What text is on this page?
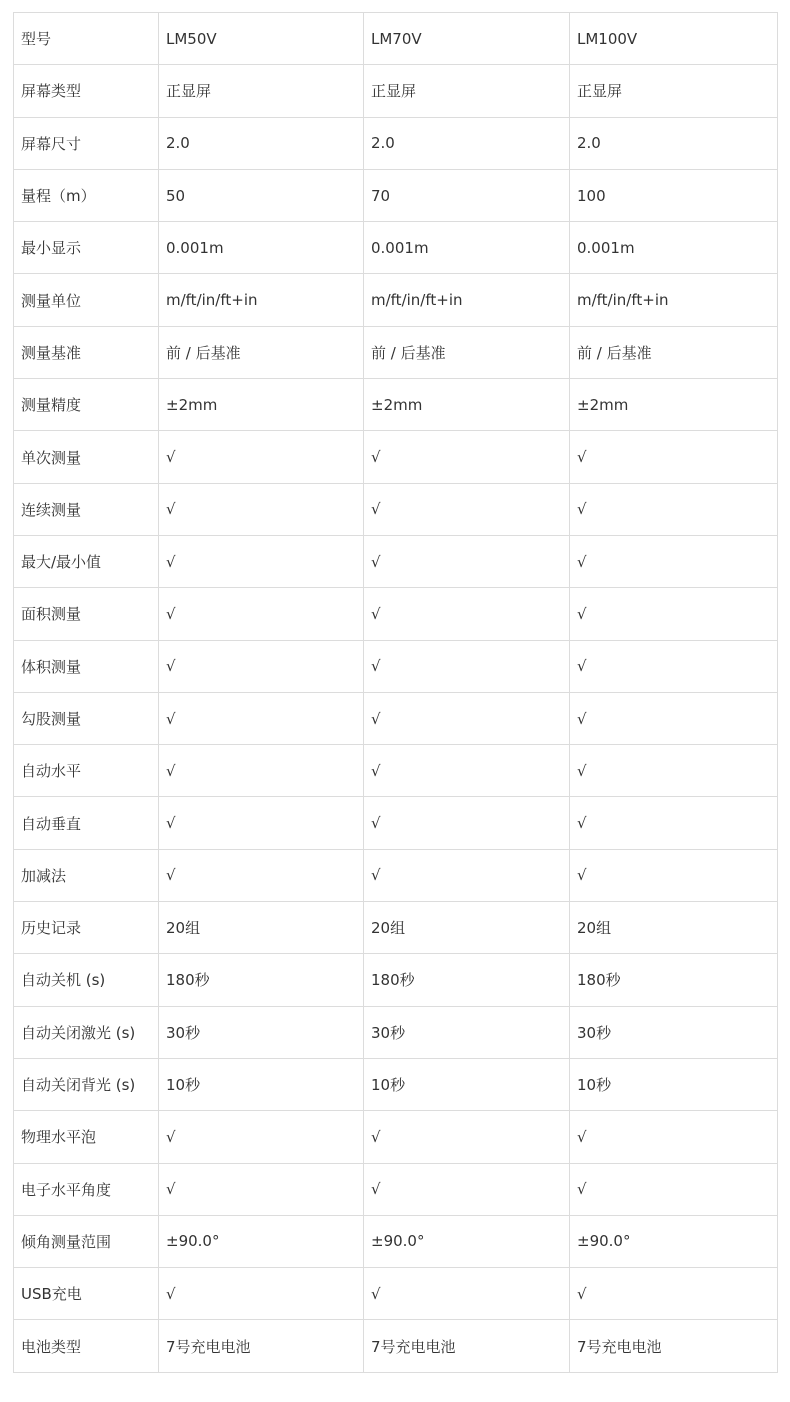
型号	LM50V	LM70V	LM100V
屏幕类型	正显屏	正显屏	正显屏
屏幕尺寸	2.0	2.0	2.0
量程（m）	50	70	100
最小显示	0.001m	0.001m	0.001m
测量单位	m/ft/in/ft+in	m/ft/in/ft+in	m/ft/in/ft+in
测量基准	前 / 后基准	前 / 后基准	前 / 后基准
测量精度	±2mm	±2mm	±2mm
单次测量	√	√	√
连续测量	√	√	√
最大/最小值	√	√	√
面积测量	√	√	√
体积测量	√	√	√
勾股测量	√	√	√
自动水平	√	√	√
自动垂直	√	√	√
加减法	√	√	√
历史记录	20组	20组	20组
自动关机 (s)	180秒	180秒	180秒
自动关闭激光 (s)	30秒	30秒	30秒
自动关闭背光 (s)	10秒	10秒	10秒
物理水平泡	√	√	√
电子水平角度	√	√	√
倾角测量范围	±90.0°	±90.0°	±90.0°
USB充电	√	√	√
电池类型	7号充电电池	7号充电电池	7号充电电池
